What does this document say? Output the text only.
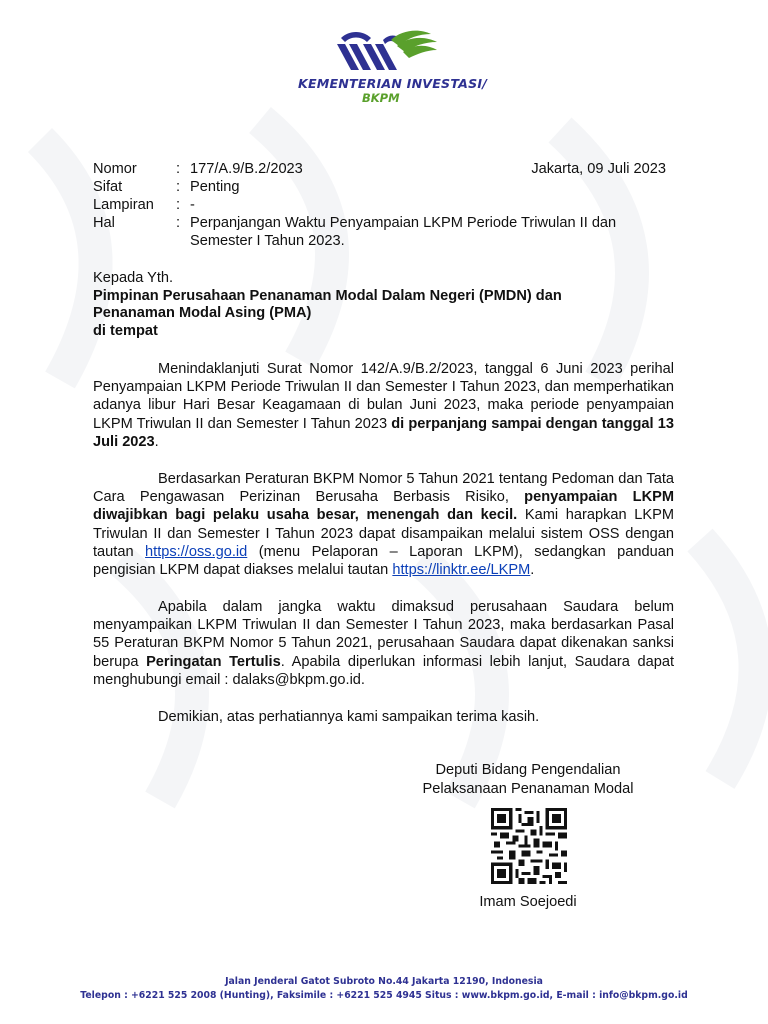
KEMENTERIAN INVESTASI/
BKPM
Nomor	: 177/A.9/B.2/2023	Jakarta, 09 Juli 2023
Sifat	: Penting
Lampiran : -
Hal	: Perpanjangan Waktu Penyampaian LKPM Periode Triwulan II dan
Semester I Tahun 2023.
Kepada Yth.
Pimpinan Perusahaan Penanaman Modal Dalam Negeri (PMDN) dan
Penanaman Modal Asing (PMA)
di tempat

Menindaklanjuti Surat Nomor 142/A.9/B.2/2023, tanggal 6 Juni 2023 perihal Penyampaian LKPM Periode Triwulan II dan Semester I Tahun 2023, dan memperhatikan adanya libur Hari Besar Keagamaan di bulan Juni 2023, maka periode penyampaian LKPM Triwulan II dan Semester I Tahun 2023 di perpanjang sampai dengan tanggal 13 Juli 2023.

Berdasarkan Peraturan BKPM Nomor 5 Tahun 2021 tentang Pedoman dan Tata Cara Pengawasan Perizinan Berusaha Berbasis Risiko, penyampaian LKPM diwajibkan bagi pelaku usaha besar, menengah dan kecil. Kami harapkan LKPM Triwulan II dan Semester I Tahun 2023 dapat disampaikan melalui sistem OSS dengan tautan https://oss.go.id (menu Pelaporan – Laporan LKPM), sedangkan panduan pengisian LKPM dapat diakses melalui tautan https://linktr.ee/LKPM.

Apabila dalam jangka waktu dimaksud perusahaan Saudara belum menyampaikan LKPM Triwulan II dan Semester I Tahun 2023, maka berdasarkan Pasal 55 Peraturan BKPM Nomor 5 Tahun 2021, perusahaan Saudara dapat dikenakan sanksi berupa Peringatan Tertulis. Apabila diperlukan informasi lebih lanjut, Saudara dapat menghubungi email : dalaks@bkpm.go.id.

Demikian, atas perhatiannya kami sampaikan terima kasih.

Deputi Bidang Pengendalian
Pelaksanaan Penanaman Modal
Imam Soejoedi
Jalan Jenderal Gatot Subroto No.44 Jakarta 12190, Indonesia
Telepon : +6221 525 2008 (Hunting), Faksimile : +6221 525 4945 Situs : www.bkpm.go.id, E-mail : info@bkpm.go.id
